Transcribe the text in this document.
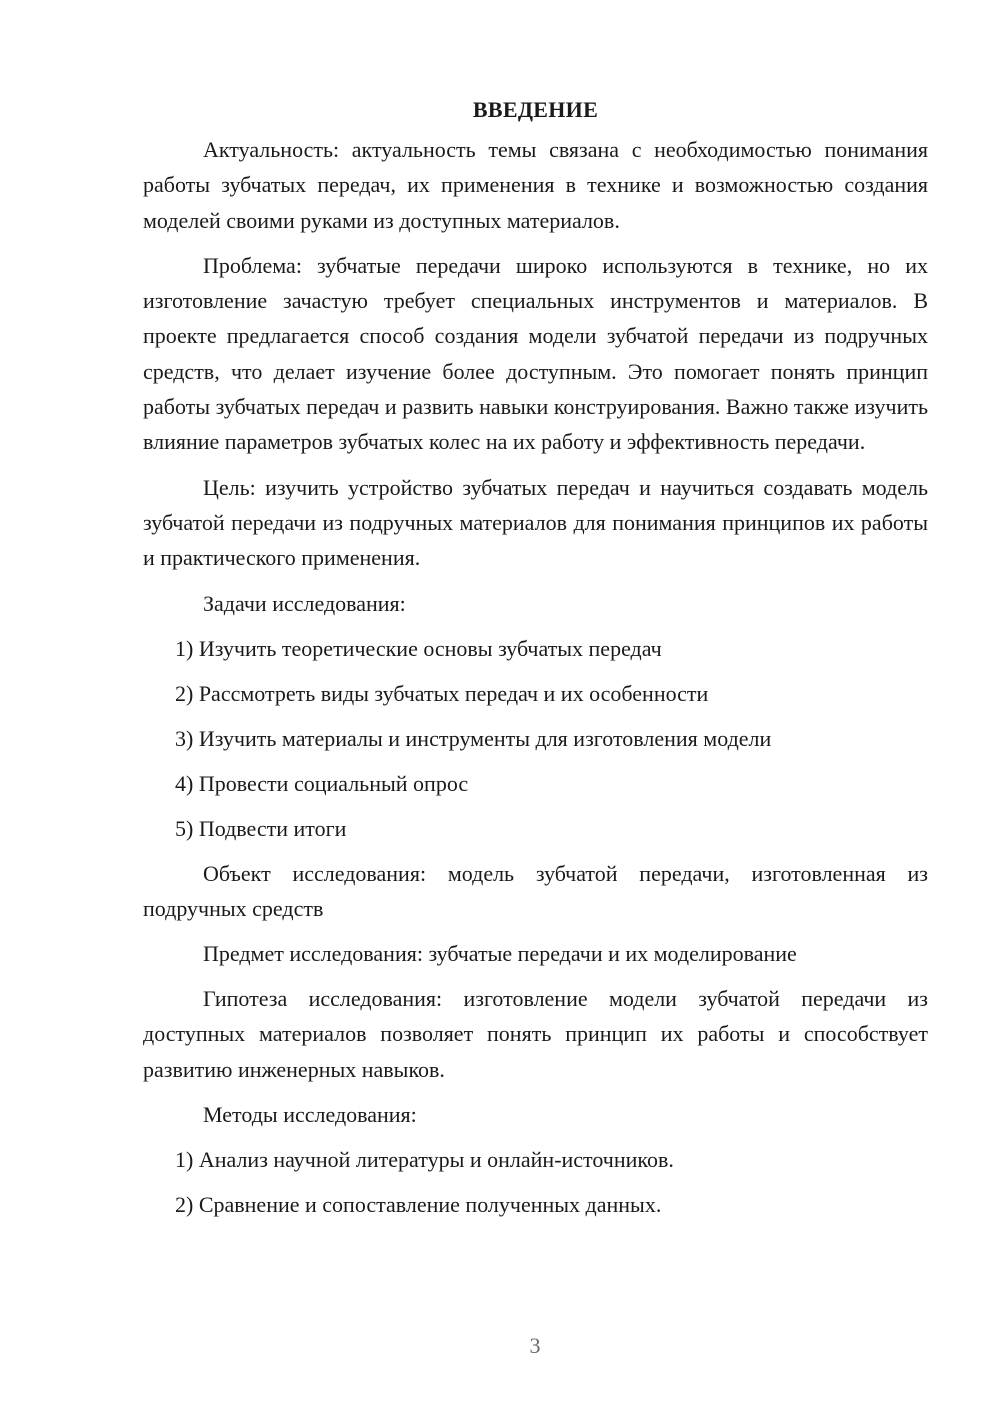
ВВЕДЕНИЕ
Актуальность: актуальность темы связана с необходимостью понимания работы зубчатых передач, их применения в технике и возможностью создания моделей своими руками из доступных материалов.
Проблема: зубчатые передачи широко используются в технике, но их изготовление зачастую требует специальных инструментов и материалов. В проекте предлагается способ создания модели зубчатой передачи из подручных средств, что делает изучение более доступным. Это помогает понять принцип работы зубчатых передач и развить навыки конструирования. Важно также изучить влияние параметров зубчатых колес на их работу и эффективность передачи.
Цель: изучить устройство зубчатых передач и научиться создавать модель зубчатой передачи из подручных материалов для понимания принципов их работы и практического применения.
Задачи исследования:
1) Изучить теоретические основы зубчатых передач
2) Рассмотреть виды зубчатых передач и их особенности
3) Изучить материалы и инструменты для изготовления модели
4) Провести социальный опрос
5) Подвести итоги
Объект исследования: модель зубчатой передачи, изготовленная из подручных средств
Предмет исследования: зубчатые передачи и их моделирование
Гипотеза исследования: изготовление модели зубчатой передачи из доступных материалов позволяет понять принцип их работы и способствует развитию инженерных навыков.
Методы исследования:
1) Анализ научной литературы и онлайн-источников.
2) Сравнение и сопоставление полученных данных.
3
